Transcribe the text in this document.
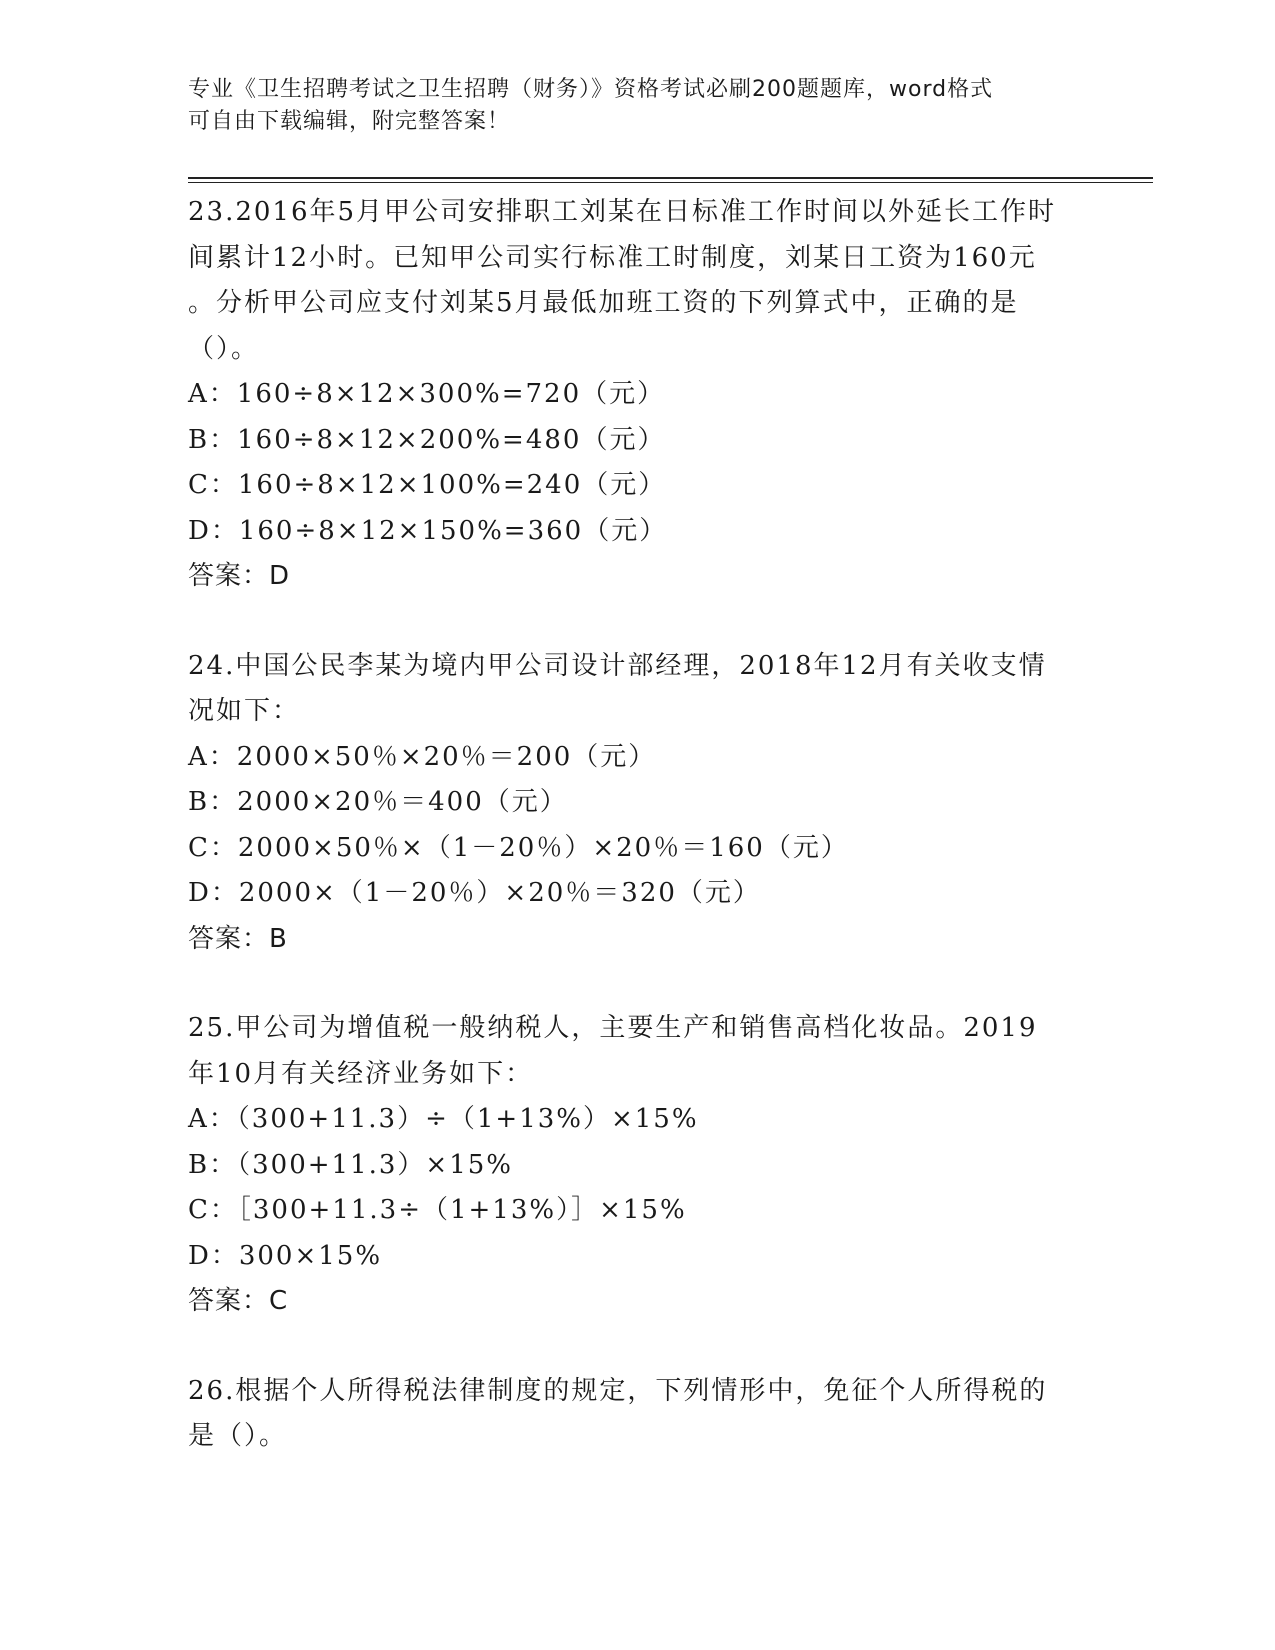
专业《卫生招聘考试之卫生招聘（财务）》资格考试必刷200题题库，word格式
可自由下载编辑，附完整答案！
23.2016年5月甲公司安排职工刘某在日标准工作时间以外延长工作时
间累计12小时。已知甲公司实行标准工时制度，刘某日工资为160元
。分析甲公司应支付刘某5月最低加班工资的下列算式中，正确的是
（）。
A：160÷8×12×300%=720（元）
B：160÷8×12×200%=480（元）
C：160÷8×12×100%=240（元）
D：160÷8×12×150%=360（元）
答案：D
24.中国公民李某为境内甲公司设计部经理，2018年12月有关收支情
况如下：
A：2000×50％×20％＝200（元）
B：2000×20％＝400（元）
C：2000×50％×（1－20％）×20％＝160（元）
D：2000×（1－20％）×20％＝320（元）
答案：B
25.甲公司为增值税一般纳税人，主要生产和销售高档化妆品。2019
年10月有关经济业务如下：
A：（300+11.3）÷（1+13%）×15%
B：（300+11.3）×15%
C：［300+11.3÷（1+13%）］×15%
D：300×15%
答案：C
26.根据个人所得税法律制度的规定，下列情形中，免征个人所得税的
是（）。
